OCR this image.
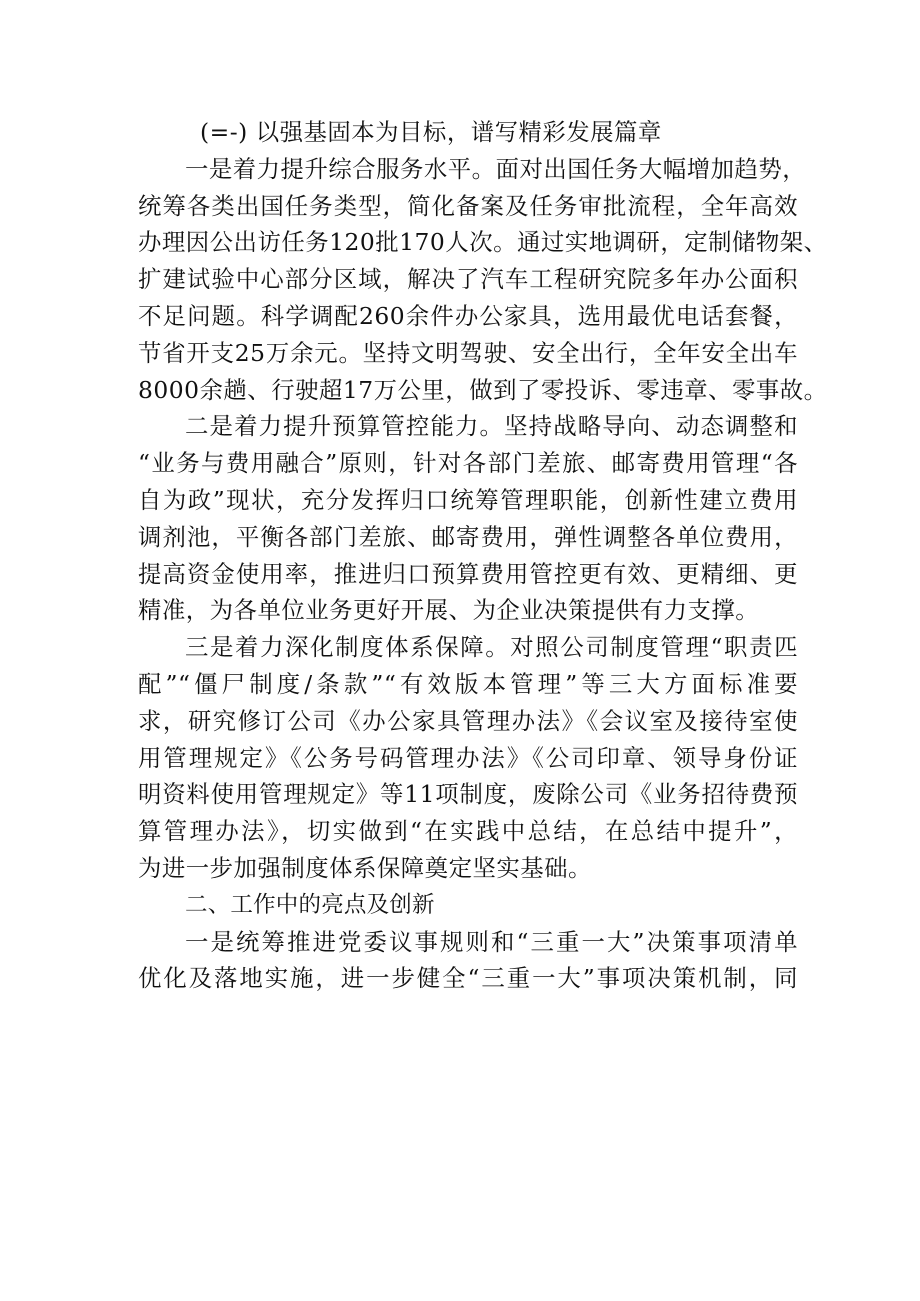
(=-) 以强基固本为目标，谱写精彩发展篇章

一是着力提升综合服务水平。面对出国任务大幅增加趋势，

统筹各类出国任务类型，简化备案及任务审批流程，全年高效

办理因公出访任务120批170人次。通过实地调研，定制储物架、

扩建试验中心部分区域，解决了汽车工程研究院多年办公面积

不足问题。科学调配260余件办公家具，选用最优电话套餐，

节省开支25万余元。坚持文明驾驶、安全出行，全年安全出车

8000余趟、行驶超17万公里，做到了零投诉、零违章、零事故。

二是着力提升预算管控能力。坚持战略导向、动态调整和

“业务与费用融合”原则，针对各部门差旅、邮寄费用管理“各

自为政”现状，充分发挥归口统筹管理职能，创新性建立费用

调剂池，平衡各部门差旅、邮寄费用，弹性调整各单位费用，

提高资金使用率，推进归口预算费用管控更有效、更精细、更

精准，为各单位业务更好开展、为企业决策提供有力支撑。

三是着力深化制度体系保障。对照公司制度管理“职责匹

配”“僵尸制度/条款”“有效版本管理”等三大方面标准要

求，研究修订公司《办公家具管理办法》《会议室及接待室使

用管理规定》《公务号码管理办法》《公司印章、领导身份证

明资料使用管理规定》等11项制度，废除公司《业务招待费预

算管理办法》，切实做到“在实践中总结，在总结中提升”，

为进一步加强制度体系保障奠定坚实基础。

二、工作中的亮点及创新

一是统筹推进党委议事规则和“三重一大”决策事项清单

优化及落地实施，进一步健全“三重一大”事项决策机制，同
